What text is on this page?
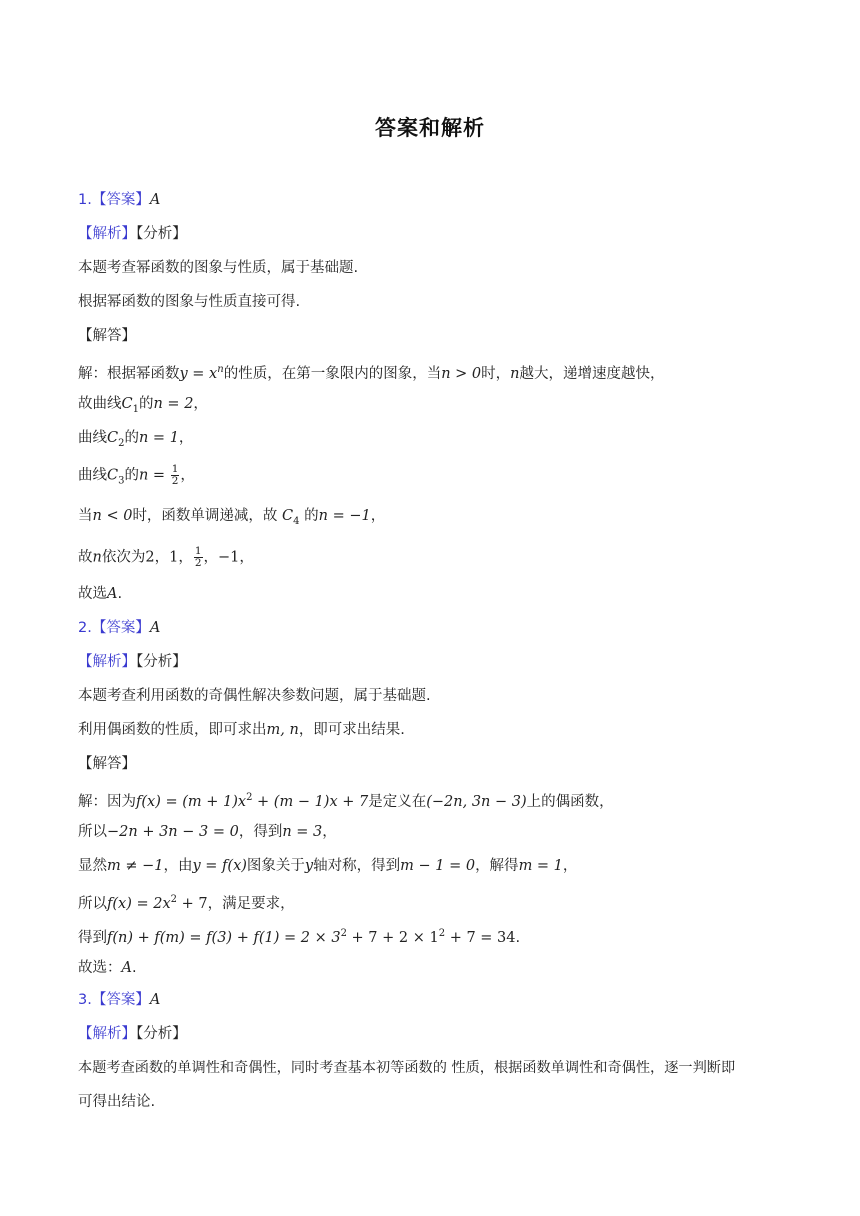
答案和解析
1.【答案】A
【解析】【分析】
本题考查幂函数的图象与性质，属于基础题.
根据幂函数的图象与性质直接可得.
【解答】
解：根据幂函数$y = x^n$的性质，在第一象限内的图象，当n > 0时，n越大，递增速度越快，
故曲线$C_1$的n = 2，
曲线$C_2$的n = 1，
曲线$C_3$的$n = \frac{1}{2}$ ，
当n < 0时，函数单调递减，故 $C_4$ 的n = −1，
故n依次为2，1， $\frac{1}{2}$ ，−1，
故选A.
2.【答案】A
【解析】【分析】
本题考查利用函数的奇偶性解决参数问题，属于基础题.
利用偶函数的性质，即可求出m, n，即可求出结果.
【解答】
解：因为$f(x) = (m + 1)x^2 + (m - 1)x + 7$是定义在(−2n, 3n − 3)上的偶函数，
所以−2n + 3n − 3 = 0，得到n = 3，
显然m ≠ −1，由y = f(x)图象关于y轴对称，得到m − 1 = 0，解得m = 1，
所以$f(x) = 2x^2 + 7$，满足要求，
得到$f(n) + f(m) = f(3) + f(1) = 2 \times 3^2 + 7 + 2 \times 1^2 + 7 = 34$.
故选：A.
3.【答案】A
【解析】【分析】
本题考查函数的单调性和奇偶性，同时考查基本初等函数的 性质，根据函数单调性和奇偶性，逐一判断即
可得出结论.
